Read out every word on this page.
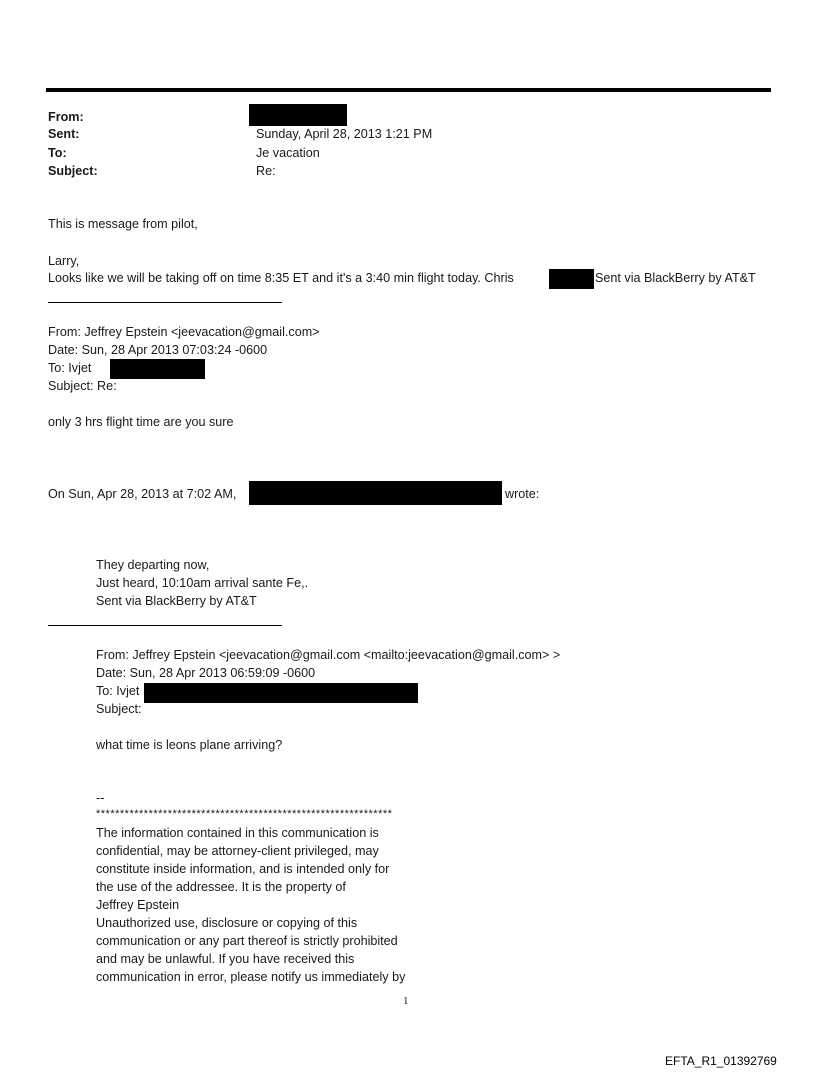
From:
Sent:	Sunday, April 28, 2013 1:21 PM
To:	Je vacation
Subject:	Re:
This is message from pilot,
Larry,
Looks like we will be taking off on time 8:35 ET and it's a 3:40 min flight today. Chris	Sent via BlackBerry by AT&T
From: Jeffrey Epstein <jeevacation@gmail.com>
Date: Sun, 28 Apr 2013 07:03:24 -0600
To: Ivjet
Subject: Re:
only 3 hrs flight time are you sure
On Sun, Apr 28, 2013 at 7:02 AM,	wrote:
They departing now,
Just heard, 10:10am arrival sante Fe,.
Sent via BlackBerry by AT&T
From: Jeffrey Epstein <jeevacation@gmail.com <mailto:jeevacation@gmail.com> >
Date: Sun, 28 Apr 2013 06:59:09 -0600
To: Ivjet
Subject:
what time is leons plane arriving?
--
**************************************************************
The information contained in this communication is
confidential, may be attorney-client privileged, may
constitute inside information, and is intended only for
the use of the addressee. It is the property of
Jeffrey Epstein
Unauthorized use, disclosure or copying of this
communication or any part thereof is strictly prohibited
and may be unlawful. If you have received this
communication in error, please notify us immediately by
1
EFTA_R1_01392769
